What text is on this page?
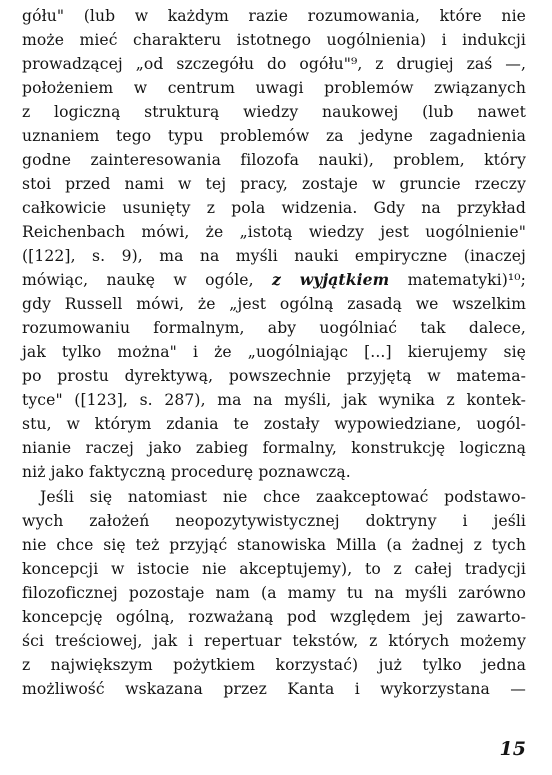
gółu" (lub w każdym razie rozumowania, które nie
może mieć charakteru istotnego uogólnienia) i indukcji
prowadzącej „od szczegółu do ogółu"⁹, z drugiej zaś —,
położeniem w centrum uwagi problemów związanych
z logiczną strukturą wiedzy naukowej (lub nawet
uznaniem tego typu problemów za jedyne zagadnienia
godne zainteresowania filozofa nauki), problem, który
stoi przed nami w tej pracy, zostaje w gruncie rzeczy
całkowicie usunięty z pola widzenia. Gdy na przykład
Reichenbach mówi, że „istotą wiedzy jest uogólnienie"
([122], s. 9), ma na myśli nauki empiryczne (inaczej
mówiąc, naukę w ogóle, z wyjątkiem matematyki)¹⁰;
gdy Russell mówi, że „jest ogólną zasadą we wszelkim
rozumowaniu formalnym, aby uogólniać tak dalece,
jak tylko można" i że „uogólniając [...] kierujemy się
po prostu dyrektywą, powszechnie przyjętą w matema-
tyce" ([123], s. 287), ma na myśli, jak wynika z kontek-
stu, w którym zdania te zostały wypowiedziane, uogól-
nianie raczej jako zabieg formalny, konstrukcję logiczną
niż jako faktyczną procedurę poznawczą.
Jeśli się natomiast nie chce zaakceptować podstawo-
wych założeń neopozytywistycznej doktryny i jeśli
nie chce się też przyjąć stanowiska Milla (a żadnej z tych
koncepcji w istocie nie akceptujemy), to z całej tradycji
filozoficznej pozostaje nam (a mamy tu na myśli zarówno
koncepcję ogólną, rozważaną pod względem jej zawarto-
ści treściowej, jak i repertuar tekstów, z których możemy
z największym pożytkiem korzystać) już tylko jedna
możliwość wskazana przez Kanta i wykorzystana —
15
